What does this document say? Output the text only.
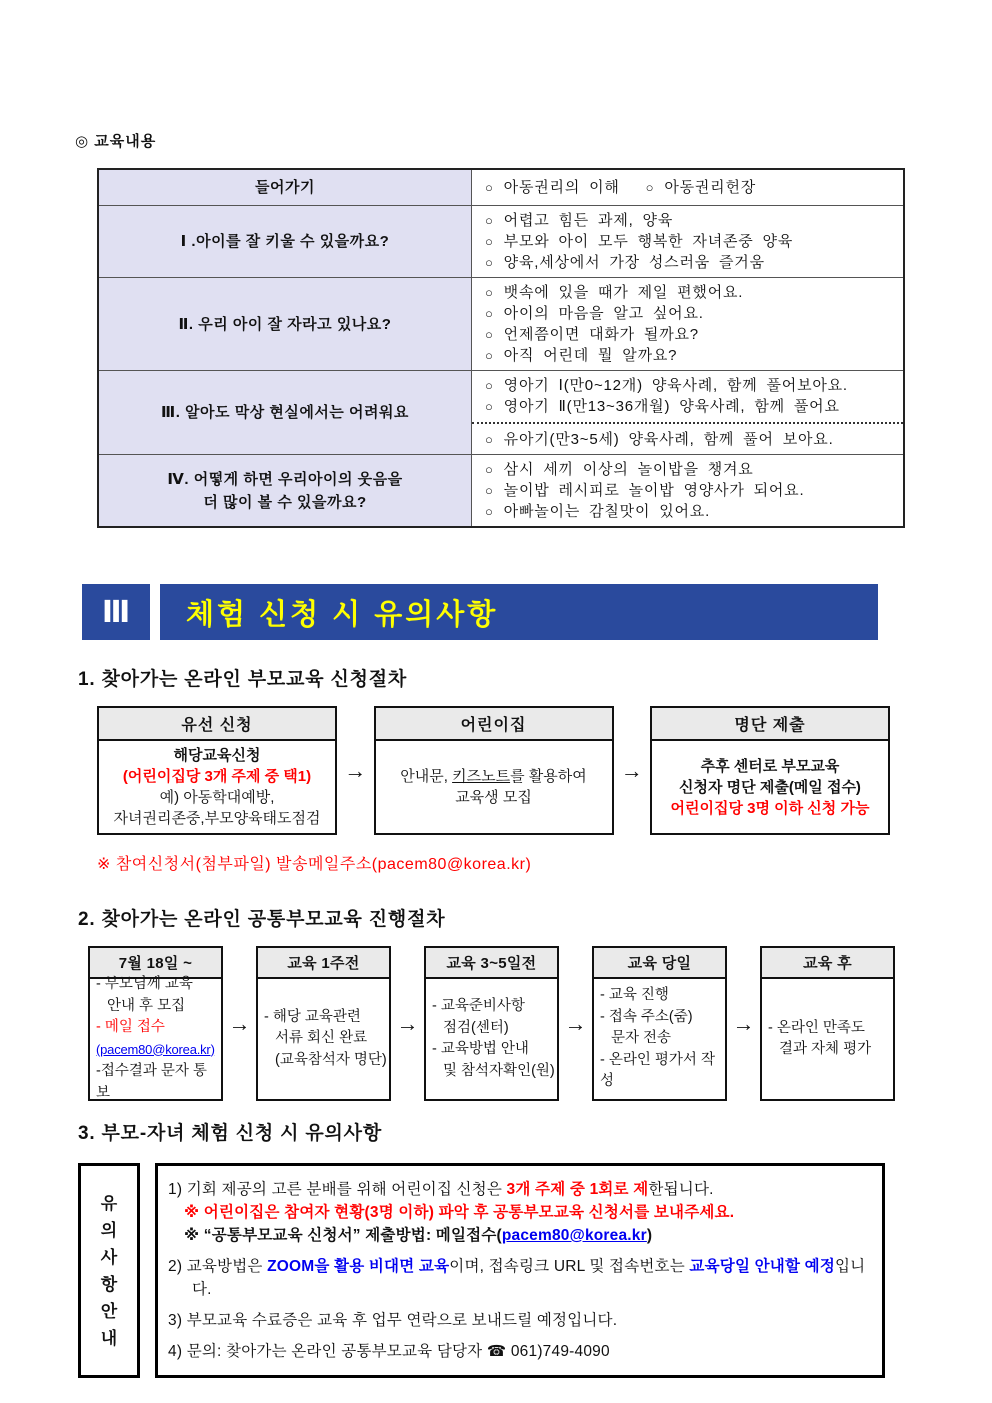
◎ 교육내용
들어가기	○ 아동권리의 이해 ○ 아동권리헌장

Ⅰ .아이를 잘 키울 수 있을까요?

○ 어렵고 힘든 과제, 양육
○ 부모와 아이 모두 행복한 자녀존중 양육
○ 양육,세상에서 가장 성스러움 즐거움

Ⅱ. 우리 아이 잘 자라고 있나요?

○ 뱃속에 있을 때가 제일 편했어요.
○ 아이의 마음을 알고 싶어요.
○ 언제쯤이면 대화가 될까요?
○ 아직 어린데 뭘 알까요?

Ⅲ. 알아도 막상 현실에서는 어려워요

○ 영아기 Ⅰ(만0~12개) 양육사례, 함께 풀어보아요.
○ 영아기 Ⅱ(만13~36개월) 양육사례, 함께 풀어요
○ 유아기(만3~5세) 양육사례, 함께 풀어 보아요.

Ⅳ. 어떻게 하면 우리아이의 웃음을
더 많이 볼 수 있을까요?

○ 삼시 세끼 이상의 놀이밥을 챙겨요
○ 놀이밥 레시피로 놀이밥 영양사가 되어요.
○ 아빠놀이는 감칠맛이 있어요.
Ⅲ	체험 신청 시 유의사항
1. 찾아가는 온라인 부모교육 신청절차
유선 신청
해당교육신청
(어린이집당 3개 주제 중 택1)
예) 아동학대예방,
자녀권리존중,부모양육태도점검
→
어린이집
안내문, 키즈노트를 활용하여
교육생 모집
→
명단 제출
추후 센터로 부모교육
신청자 명단 제출(메일 접수)
어린이집당 3명 이하 신청 가능
※ 참여신청서(첨부파일) 발송메일주소(pacem80@korea.kr)
2. 찾아가는 온라인 공통부모교육 진행절차
7월 18일 ~
- 부모님께 교육
안내 후 모집
- 메일 접수
(pacem80@korea.kr)
-접수결과 문자 통보
→
교육 1주전
- 해당 교육관련
서류 회신 완료
(교육참석자 명단)
→
교육 3~5일전
- 교육준비사항
점검(센터)
- 교육방법 안내
및 참석자확인(원)
→
교육 당일
- 교육 진행
- 접속 주소(줌)
문자 전송
- 온라인 평가서 작성
→
교육 후
- 온라인 만족도
결과 자체 평가
3. 부모-자녀 체험 신청 시 유의사항
유
의
사
항
안
내
1) 기회 제공의 고른 분배를 위해 어린이집 신청은 3개 주제 중 1회로 제한됩니다.
※ 어린이집은 참여자 현황(3명 이하) 파악 후 공통부모교육 신청서를 보내주세요.
※ “공통부모교육 신청서” 제출방법: 메일접수(pacem80@korea.kr)
2) 교육방법은 ZOOM을 활용 비대면 교육이며, 접속링크 URL 및 접속번호는 교육당일 안내할 예정입니다.
3) 부모교육 수료증은 교육 후 업무 연락으로 보내드릴 예정입니다.
4) 문의: 찾아가는 온라인 공통부모교육 담당자 ☎ 061)749-4090
